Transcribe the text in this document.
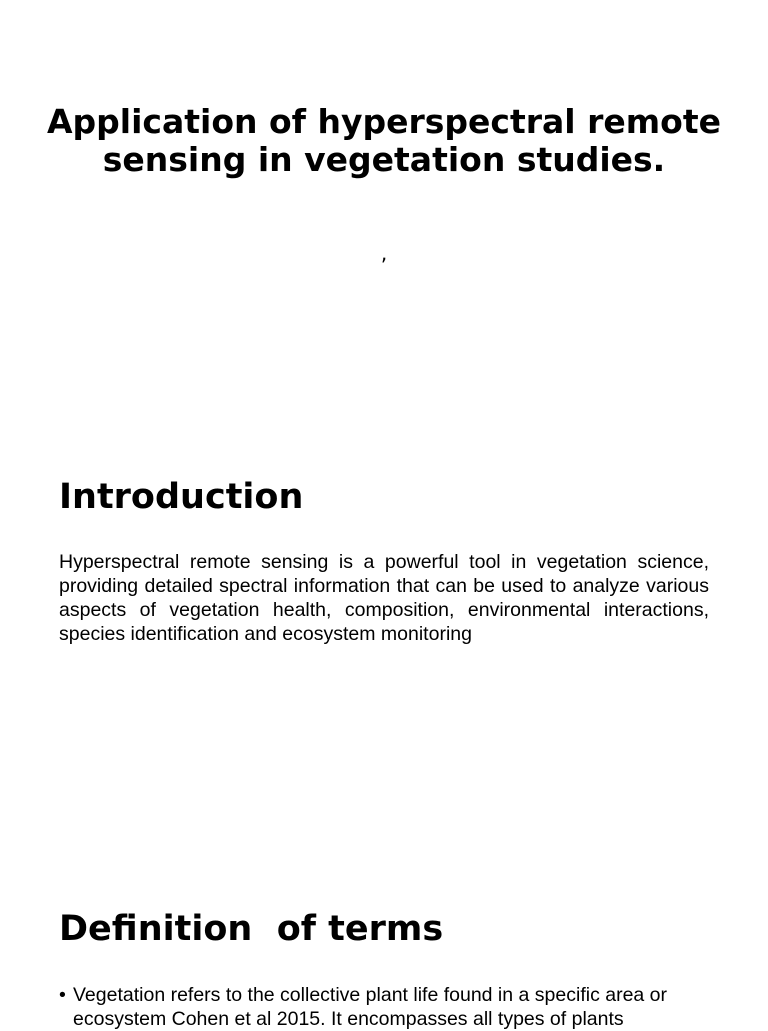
Application of hyperspectral remote sensing in vegetation studies.

,

Introduction

Hyperspectral remote sensing is a powerful tool in vegetation science, providing detailed spectral information that can be used to analyze various aspects of vegetation health, composition, environmental interactions, species identification and ecosystem monitoring

Definition  of terms
• Vegetation refers to the collective plant life found in a specific area or ecosystem Cohen et al 2015. It encompasses all types of plants
